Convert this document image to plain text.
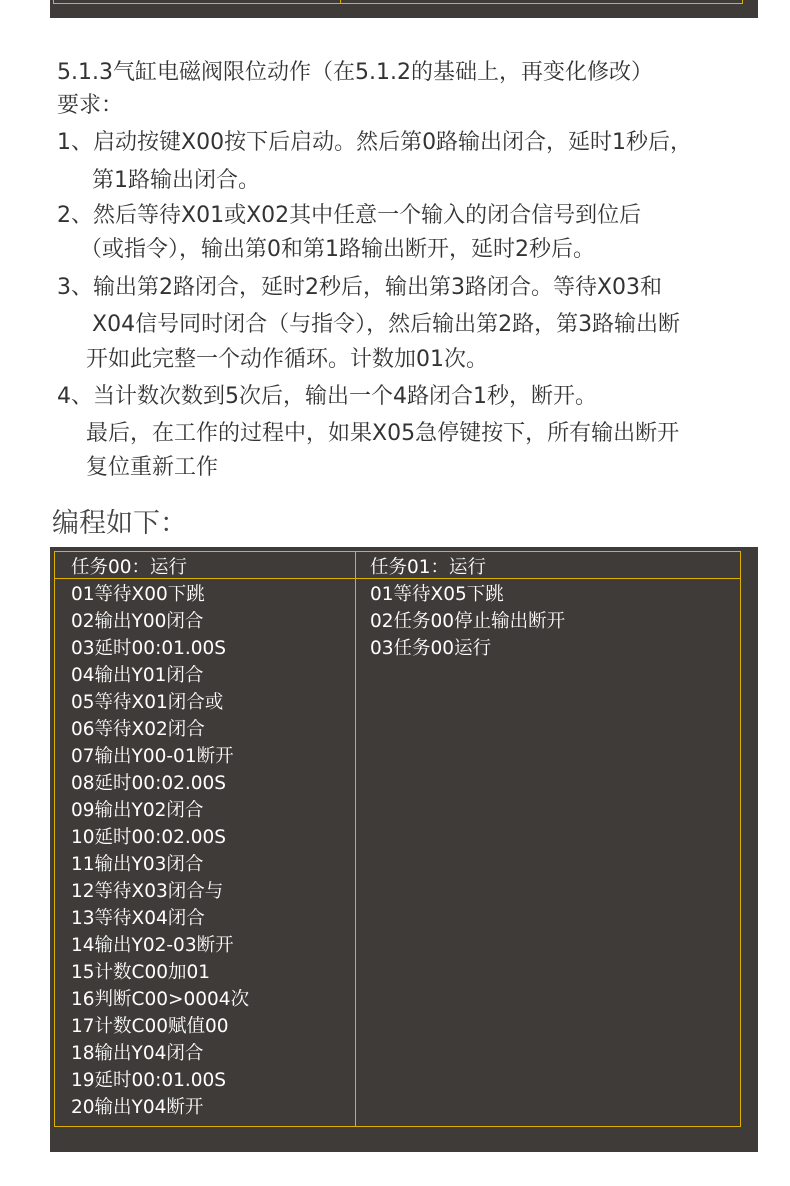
5.1.3气缸电磁阀限位动作（在5.1.2的基础上，再变化修改）
要求：
1、启动按键X00按下后启动。然后第0路输出闭合，延时1秒后，
第1路输出闭合。
2、然后等待X01或X02其中任意一个输入的闭合信号到位后
（或指令），输出第0和第1路输出断开，延时2秒后。
3、输出第2路闭合，延时2秒后，输出第3路闭合。等待X03和
X04信号同时闭合（与指令），然后输出第2路，第3路输出断
开如此完整一个动作循环。计数加01次。
4、当计数次数到5次后，输出一个4路闭合1秒，断开。
最后，在工作的过程中，如果X05急停键按下，所有输出断开
复位重新工作
编程如下：
任务00：运行
01等待X00下跳
02输出Y00闭合
03延时00:01.00S
04输出Y01闭合
05等待X01闭合或
06等待X02闭合
07输出Y00-01断开
08延时00:02.00S
09输出Y02闭合
10延时00:02.00S
11输出Y03闭合
12等待X03闭合与
13等待X04闭合
14输出Y02-03断开
15计数C00加01
16判断C00>0004次
17计数C00赋值00
18输出Y04闭合
19延时00:01.00S
20输出Y04断开
任务01：运行
01等待X05下跳
02任务00停止输出断开
03任务00运行
